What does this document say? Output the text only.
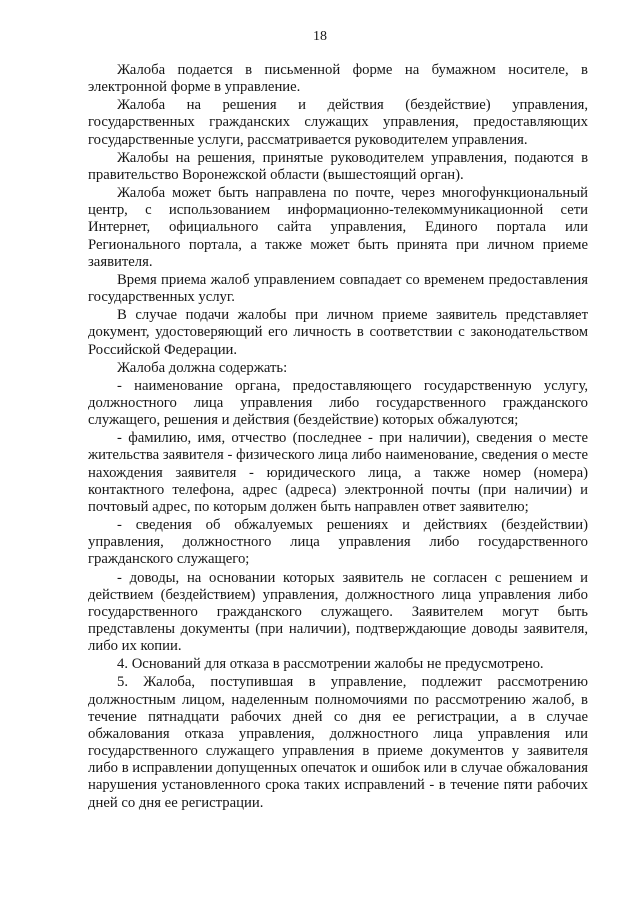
18

Жалоба подается в письменной форме на бумажном носителе, в электронной форме в управление.

Жалоба на решения и действия (бездействие) управления, государственных гражданских служащих управления, предоставляющих государственные услуги, рассматривается руководителем управления.

Жалобы на решения, принятые руководителем управления, подаются в правительство Воронежской области (вышестоящий орган).

Жалоба может быть направлена по почте, через многофункциональный центр, с использованием информационно-телекоммуникационной сети Интернет, официального сайта управления, Единого портала или Регионального портала, а также может быть принята при личном приеме заявителя.

Время приема жалоб управлением совпадает со временем предоставления государственных услуг.

В случае подачи жалобы при личном приеме заявитель представляет документ, удостоверяющий его личность в соответствии с законодательством Российской Федерации.

Жалоба должна содержать:

- наименование органа, предоставляющего государственную услугу, должностного лица управления либо государственного гражданского служащего, решения и действия (бездействие) которых обжалуются;

- фамилию, имя, отчество (последнее - при наличии), сведения о месте жительства заявителя - физического лица либо наименование, сведения о месте нахождения заявителя - юридического лица, а также номер (номера) контактного телефона, адрес (адреса) электронной почты (при наличии) и почтовый адрес, по которым должен быть направлен ответ заявителю;

- сведения об обжалуемых решениях и действиях (бездействии) управления, должностного лица управления либо государственного гражданского служащего;

- доводы, на основании которых заявитель не согласен с решением и действием (бездействием) управления, должностного лица управления либо государственного гражданского служащего. Заявителем могут быть представлены документы (при наличии), подтверждающие доводы заявителя, либо их копии.

4. Оснований для отказа в рассмотрении жалобы не предусмотрено.

5. Жалоба, поступившая в управление, подлежит рассмотрению должностным лицом, наделенным полномочиями по рассмотрению жалоб, в течение пятнадцати рабочих дней со дня ее регистрации, а в случае обжалования отказа управления, должностного лица управления или государственного служащего управления в приеме документов у заявителя либо в исправлении допущенных опечаток и ошибок или в случае обжалования нарушения установленного срока таких исправлений - в течение пяти рабочих дней со дня ее регистрации.
